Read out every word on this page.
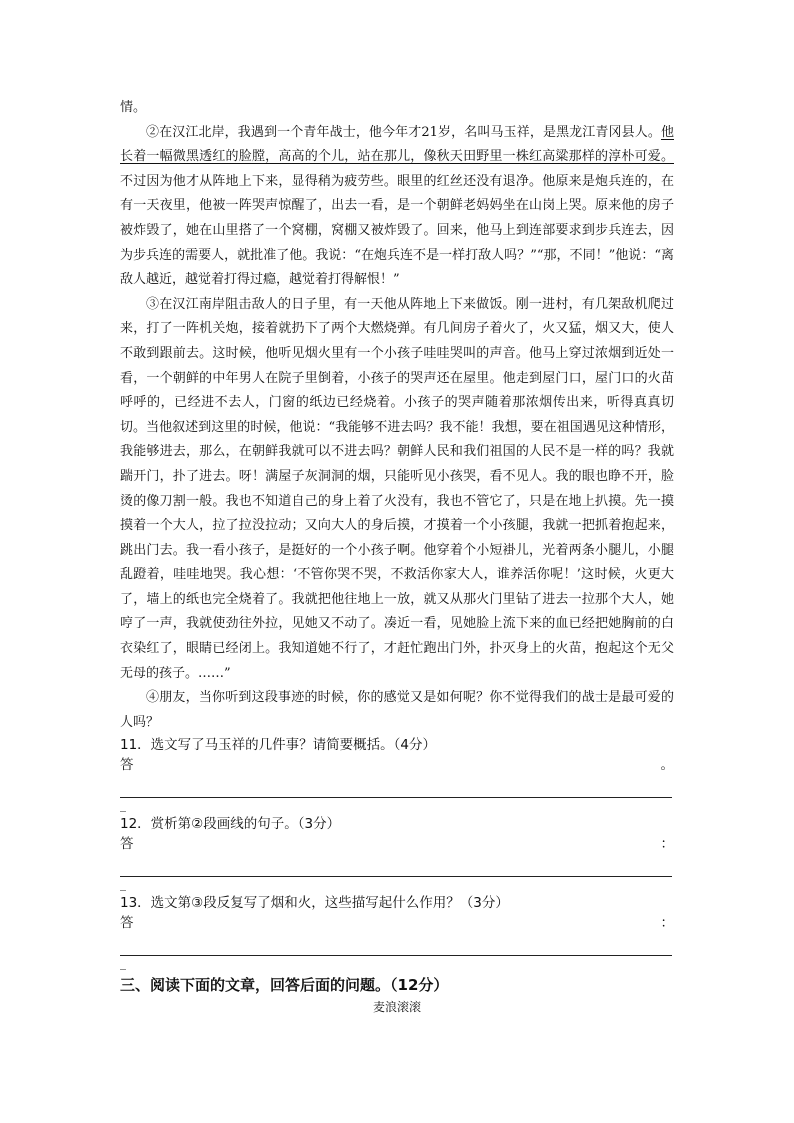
情。

②在汉江北岸，我遇到一个青年战士，他今年才21岁，名叫马玉祥，是黑龙江青冈县人。他长着一幅微黑透红的脸膛，高高的个儿，站在那儿，像秋天田野里一株红高粱那样的淳朴可爱。不过因为他才从阵地上下来，显得稍为疲劳些。眼里的红丝还没有退净。他原来是炮兵连的，在有一天夜里，他被一阵哭声惊醒了，出去一看，是一个朝鲜老妈妈坐在山岗上哭。原来他的房子被炸毁了，她在山里搭了一个窝棚，窝棚又被炸毁了。回来，他马上到连部要求到步兵连去，因为步兵连的需要人，就批准了他。我说：“在炮兵连不是一样打敌人吗？”“那，不同！”他说：“离敌人越近，越觉着打得过瘾，越觉着打得解恨！”

③在汉江南岸阻击敌人的日子里，有一天他从阵地上下来做饭。刚一进村，有几架敌机爬过来，打了一阵机关炮，接着就扔下了两个大燃烧弹。有几间房子着火了，火又猛，烟又大，使人不敢到跟前去。这时候，他听见烟火里有一个小孩子哇哇哭叫的声音。他马上穿过浓烟到近处一看，一个朝鲜的中年男人在院子里倒着，小孩子的哭声还在屋里。他走到屋门口，屋门口的火苗呼呼的，已经进不去人，门窗的纸边已经烧着。小孩子的哭声随着那浓烟传出来，听得真真切切。当他叙述到这里的时候，他说：“我能够不进去吗？我不能！我想，要在祖国遇见这种情形，我能够进去，那么，在朝鲜我就可以不进去吗？朝鲜人民和我们祖国的人民不是一样的吗？我就踹开门，扑了进去。呀！满屋子灰洞洞的烟，只能听见小孩哭，看不见人。我的眼也睁不开，脸烫的像刀割一般。我也不知道自己的身上着了火没有，我也不管它了，只是在地上扒摸。先一摸摸着一个大人，拉了拉没拉动；又向大人的身后摸，才摸着一个小孩腿，我就一把抓着抱起来，跳出门去。我一看小孩子，是挺好的一个小孩子啊。他穿着个小短褂儿，光着两条小腿儿，小腿乱蹬着，哇哇地哭。我心想：‘不管你哭不哭，不救活你家大人，谁养活你呢！’这时候，火更大了，墙上的纸也完全烧着了。我就把他往地上一放，就又从那火门里钻了进去一拉那个大人，她哼了一声，我就使劲往外拉，见她又不动了。凑近一看，见她脸上流下来的血已经把她胸前的白衣染红了，眼睛已经闭上。我知道她不行了，才赶忙跑出门外，扑灭身上的火苗，抱起这个无父无母的孩子。……”

④朋友，当你听到这段事迹的时候，你的感觉又是如何呢？你不觉得我们的战士是最可爱的人吗？

11．选文写了马玉祥的几件事？请简要概括。（4分）

答	。
_

12．赏析第②段画线的句子。（3分）

答	：
_

13．选文第③段反复写了烟和火，这些描写起什么作用？（3分）

答	：
_

三、阅读下面的文章，回答后面的问题。（12分）

麦浪滚滚
